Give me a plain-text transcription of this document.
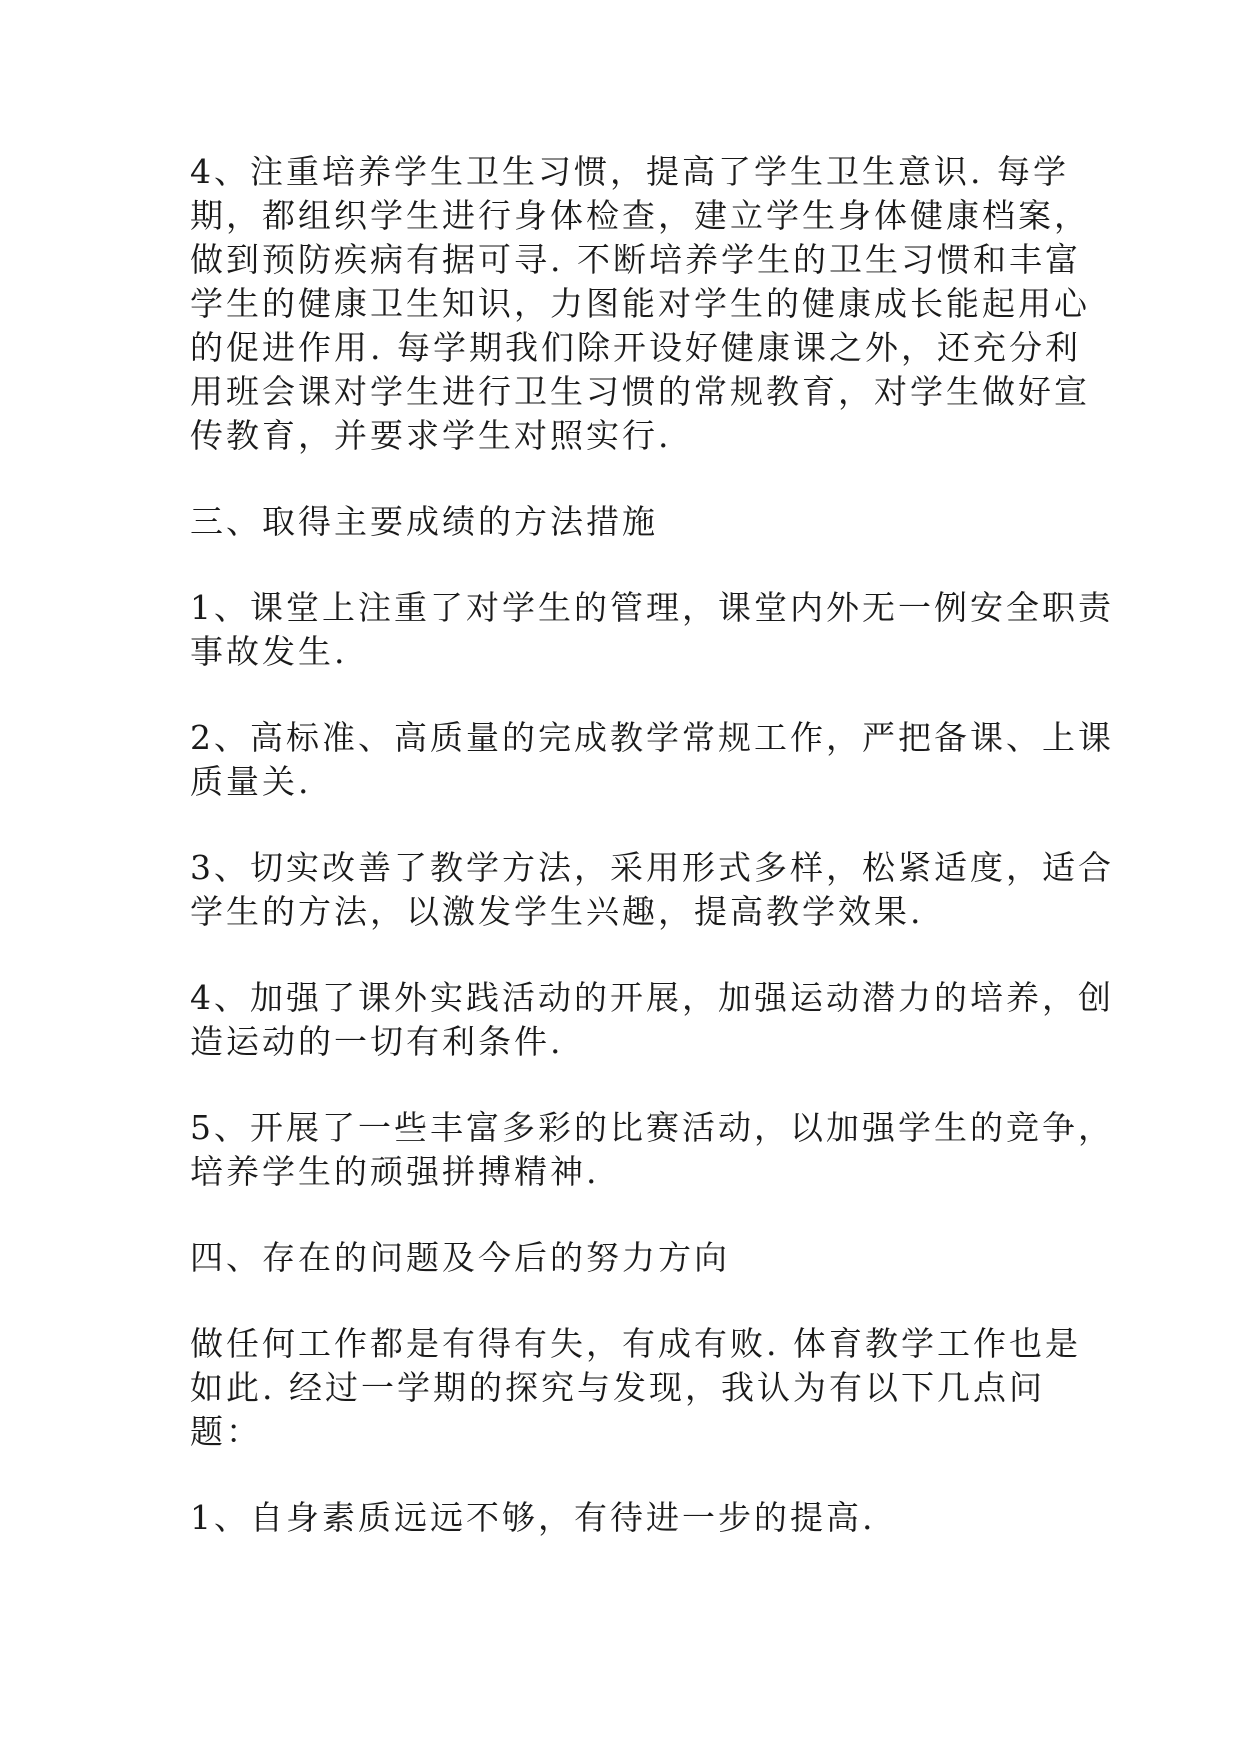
4、注重培养学生卫生习惯，提高了学生卫生意识. 每学
期，都组织学生进行身体检查，建立学生身体健康档案，
做到预防疾病有据可寻. 不断培养学生的卫生习惯和丰富
学生的健康卫生知识，力图能对学生的健康成长能起用心
的促进作用. 每学期我们除开设好健康课之外，还充分利
用班会课对学生进行卫生习惯的常规教育，对学生做好宣
传教育，并要求学生对照实行.
三、取得主要成绩的方法措施
1、课堂上注重了对学生的管理，课堂内外无一例安全职责
事故发生.
2、高标准、高质量的完成教学常规工作，严把备课、上课
质量关.
3、切实改善了教学方法，采用形式多样，松紧适度，适合
学生的方法，以激发学生兴趣，提高教学效果.
4、加强了课外实践活动的开展，加强运动潜力的培养，创
造运动的一切有利条件.
5、开展了一些丰富多彩的比赛活动，以加强学生的竞争，
培养学生的顽强拼搏精神.
四、存在的问题及今后的努力方向
做任何工作都是有得有失，有成有败. 体育教学工作也是
如此. 经过一学期的探究与发现，我认为有以下几点问
题：
1、自身素质远远不够，有待进一步的提高.
